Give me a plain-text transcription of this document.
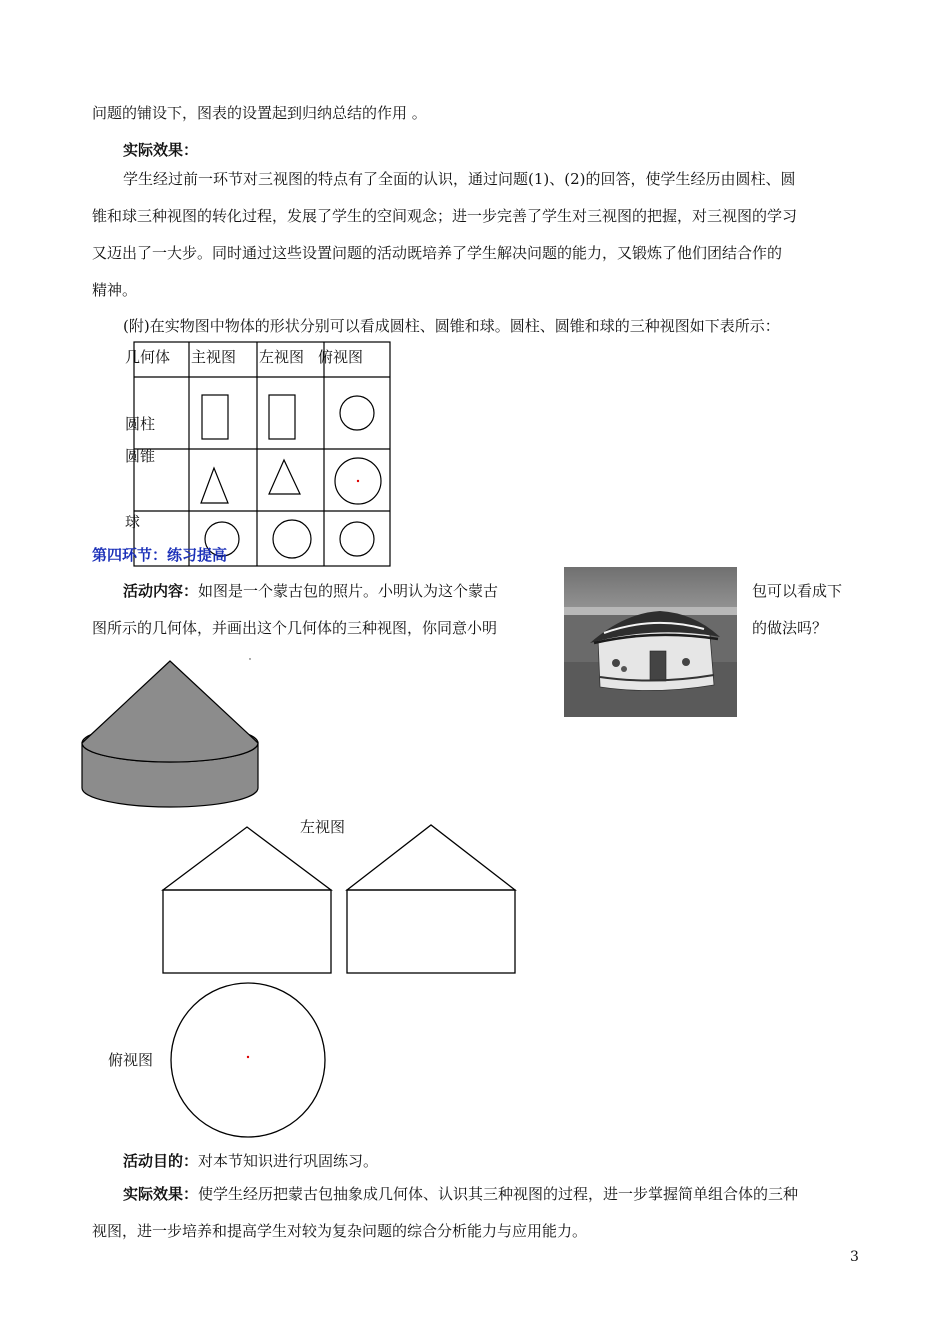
问题的铺设下，图表的设置起到归纳总结的作用 。
实际效果：
学生经过前一环节对三视图的特点有了全面的认识，通过问题(1)、(2)的回答，使学生经历由圆柱、圆
锥和球三种视图的转化过程，发展了学生的空间观念；进一步完善了学生对三视图的把握，对三视图的学习
又迈出了一大步。同时通过这些设置问题的活动既培养了学生解决问题的能力，又锻炼了他们团结合作的
精神。
(附)在实物图中物体的形状分别可以看成圆柱、圆锥和球。圆柱、圆锥和球的三种视图如下表所示：
几何体 主视图 左视图 俯视图
圆柱
圆锥
球
第四环节：练习提高
活动内容：如图是一个蒙古包的照片。小明认为这个蒙古	包可以看成下
图所示的几何体，并画出这个几何体的三种视图，你同意小明	的做法吗？
左视图
俯视图
活动目的：对本节知识进行巩固练习。
实际效果：使学生经历把蒙古包抽象成几何体、认识其三种视图的过程，进一步掌握简单组合体的三种
视图，进一步培养和提高学生对较为复杂问题的综合分析能力与应用能力。
3
